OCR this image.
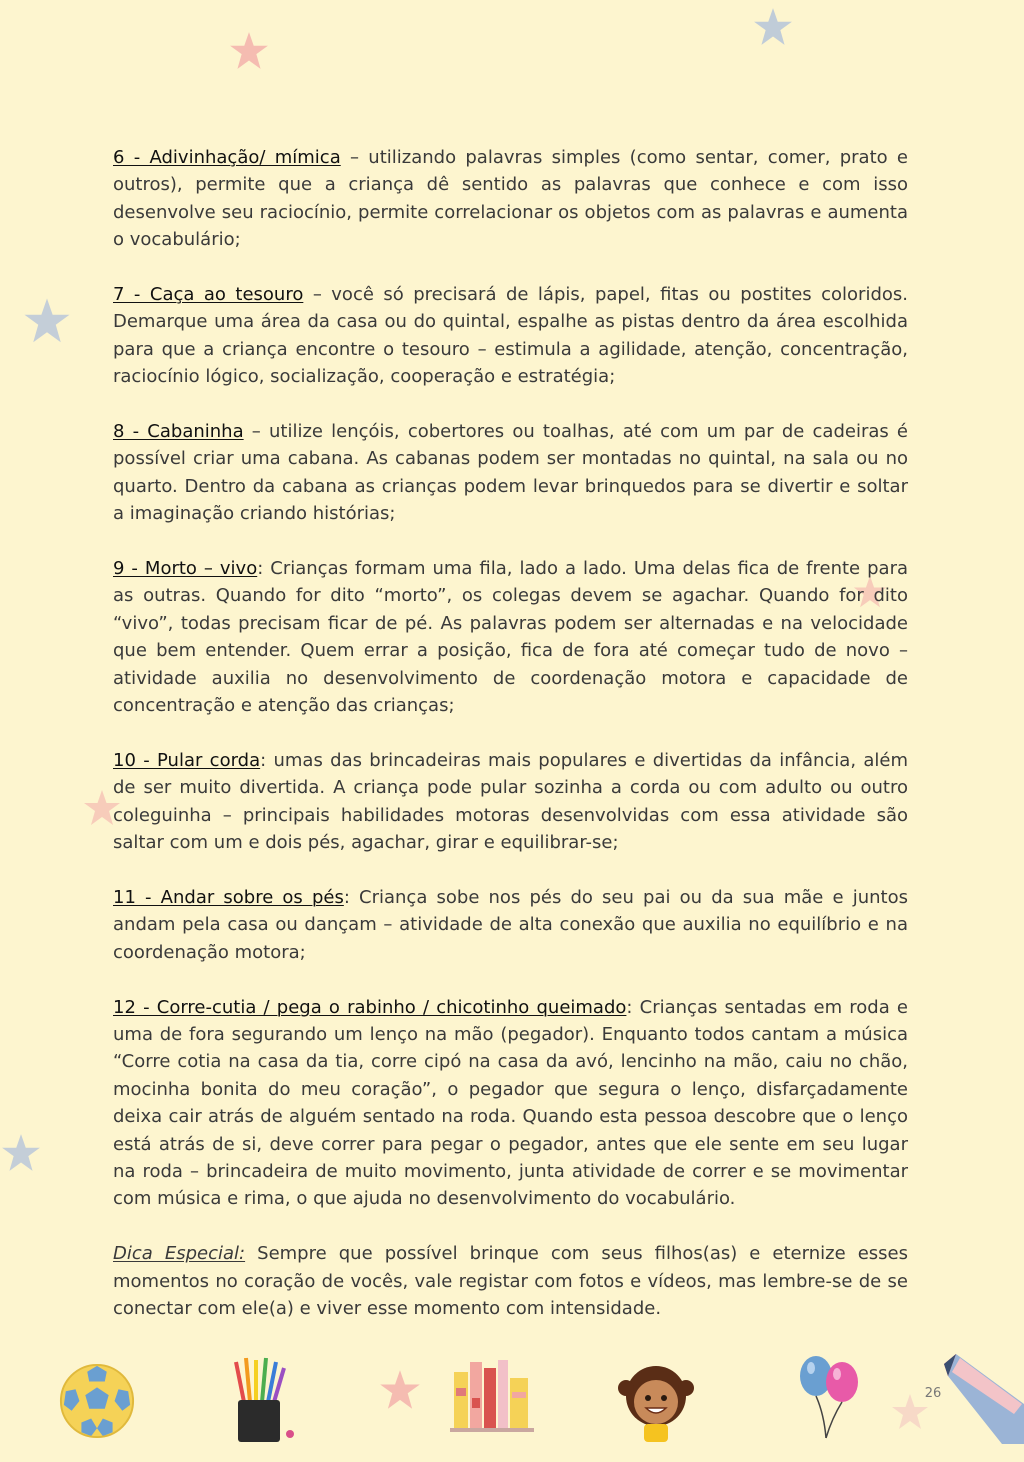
6 - Adivinhação/ mímica – utilizando palavras simples (como sentar, comer, prato e outros), permite que a criança dê sentido as palavras que conhece e com isso desenvolve seu raciocínio, permite correlacionar os objetos com as palavras e aumenta o vocabulário;

7 - Caça ao tesouro – você só precisará de lápis, papel, fitas ou postites coloridos. Demarque uma área da casa ou do quintal, espalhe as pistas dentro da área escolhida para que a criança encontre o tesouro – estimula a agilidade, atenção, concentração, raciocínio lógico, socialização, cooperação e estratégia;

8 - Cabaninha – utilize lençóis, cobertores ou toalhas, até com um par de cadeiras é possível criar uma cabana. As cabanas podem ser montadas no quintal, na sala ou no quarto. Dentro da cabana as crianças podem levar brinquedos para se divertir e soltar a imaginação criando histórias;

9 - Morto – vivo: Crianças formam uma fila, lado a lado. Uma delas fica de frente para as outras. Quando for dito “morto”, os colegas devem se agachar. Quando for dito “vivo”, todas precisam ficar de pé. As palavras podem ser alternadas e na velocidade que bem entender. Quem errar a posição, fica de fora até começar tudo de novo – atividade auxilia no desenvolvimento de coordenação motora e capacidade de concentração e atenção das crianças;

10 - Pular corda: umas das brincadeiras mais populares e divertidas da infância, além de ser muito divertida. A criança pode pular sozinha a corda ou com adulto ou outro coleguinha – principais habilidades motoras desenvolvidas com essa atividade são saltar com um e dois pés, agachar, girar e equilibrar-se;

11 - Andar sobre os pés: Criança sobe nos pés do seu pai ou da sua mãe e juntos andam pela casa ou dançam – atividade de alta conexão que auxilia no equilíbrio e na coordenação motora;

12 - Corre-cutia / pega o rabinho / chicotinho queimado: Crianças sentadas em roda e uma de fora segurando um lenço na mão (pegador). Enquanto todos cantam a música “Corre cotia na casa da tia, corre cipó na casa da avó, lencinho na mão, caiu no chão, mocinha bonita do meu coração”, o pegador que segura o lenço, disfarçadamente deixa cair atrás de alguém sentado na roda. Quando esta pessoa descobre que o lenço está atrás de si, deve correr para pegar o pegador, antes que ele sente em seu lugar na roda – brincadeira de muito movimento, junta atividade de correr e se movimentar com música e rima, o que ajuda no desenvolvimento do vocabulário.

Dica Especial: Sempre que possível brinque com seus filhos(as) e eternize esses momentos no coração de vocês, vale registar com fotos e vídeos, mas lembre-se de se conectar com ele(a) e viver esse momento com intensidade.

26
